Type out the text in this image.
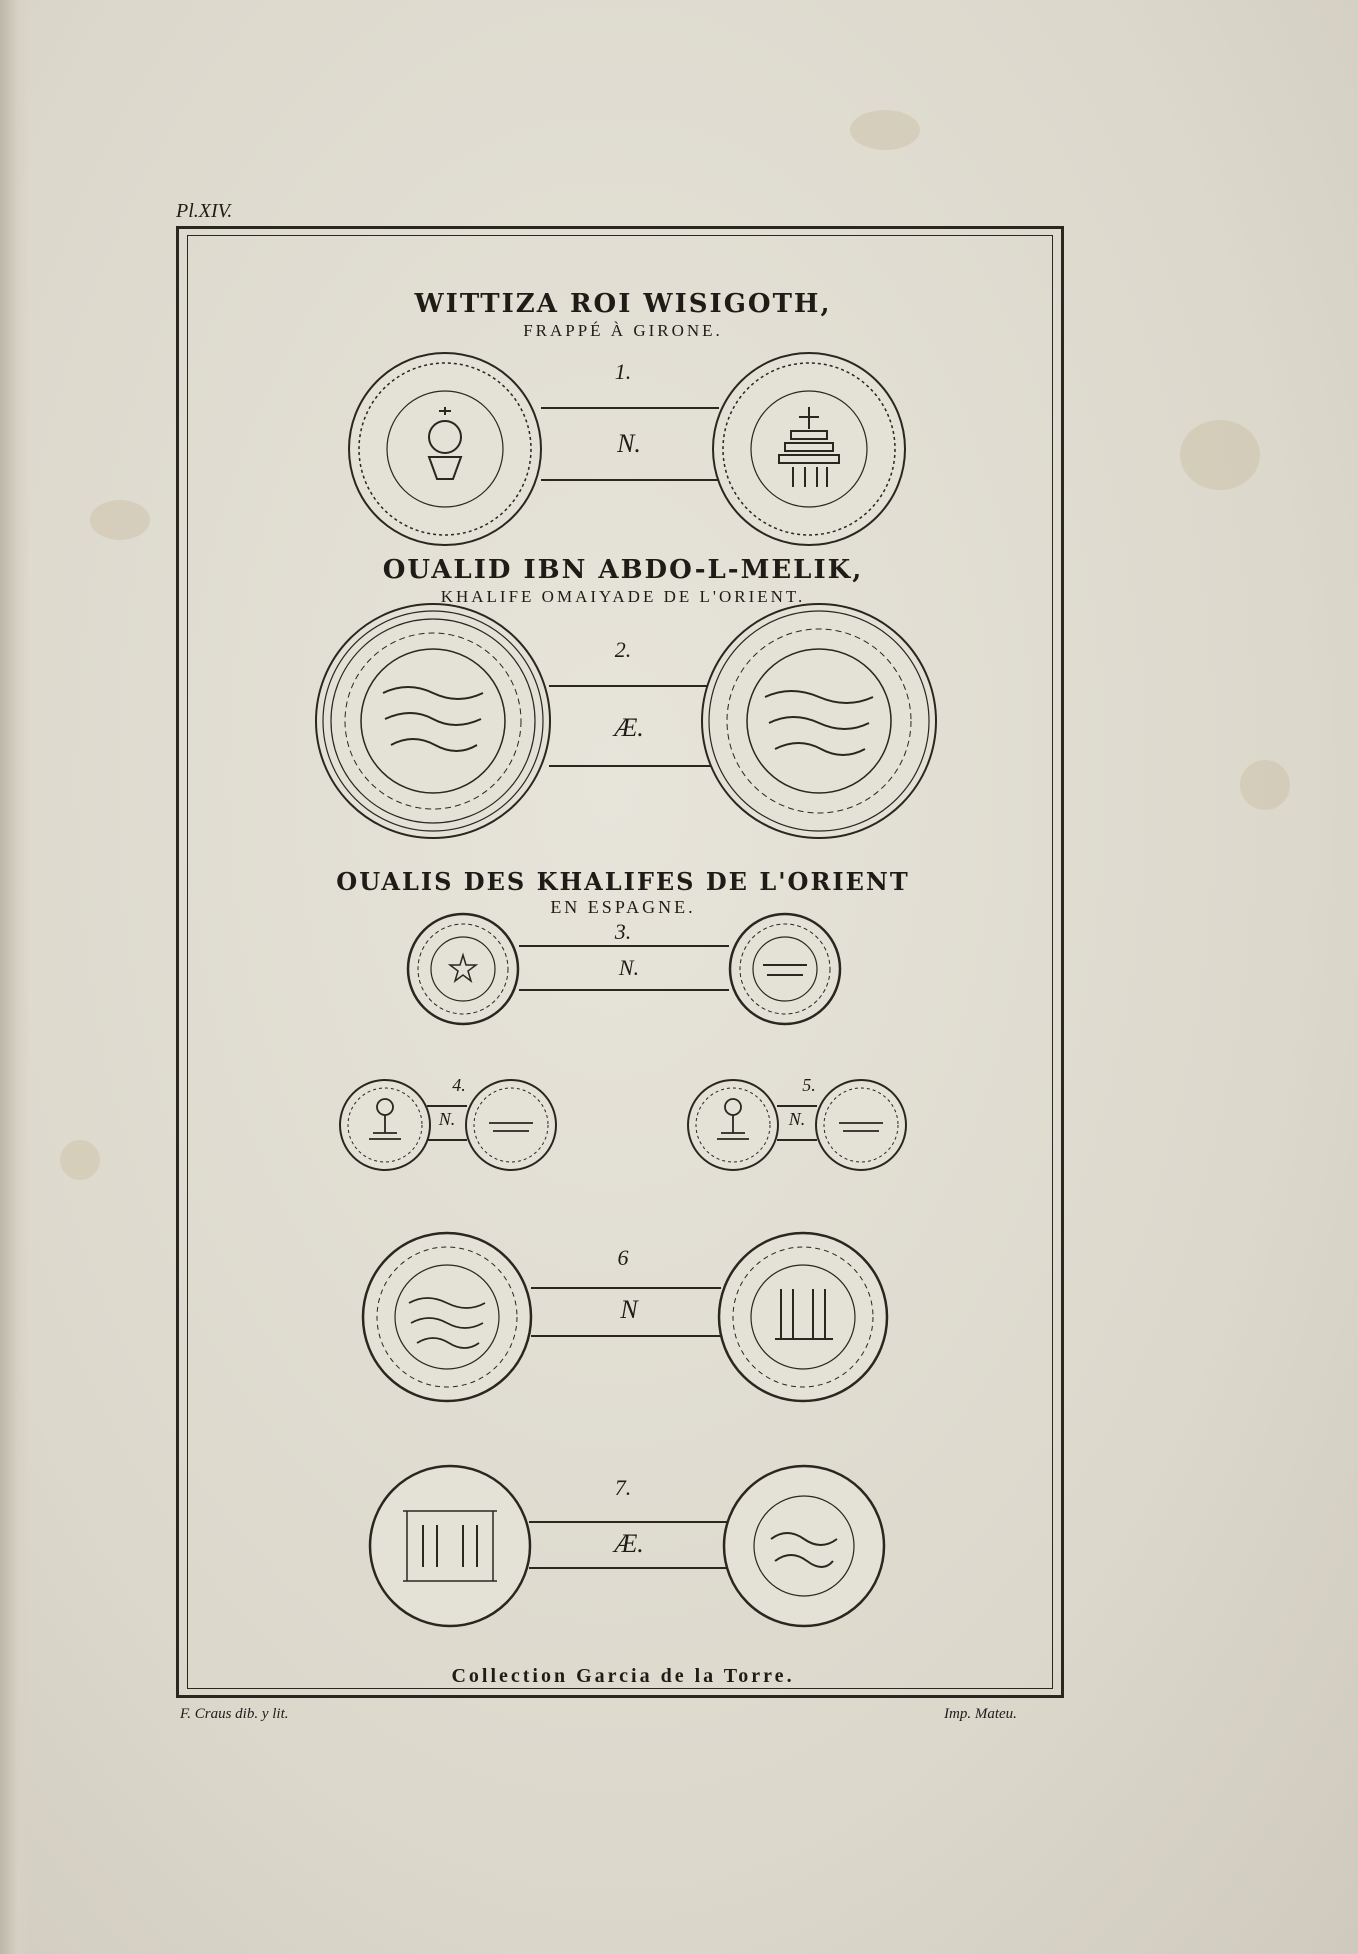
Pl.XIV.
WITTIZA ROI WISIGOTH,
FRAPPÉ À GIRONE.
1.
N.
OUALID IBN ABDO-L-MELIK,
KHALIFE OMAIYADE DE L'ORIENT.
2.
Æ.
OUALIS DES KHALIFES DE L'ORIENT
EN ESPAGNE.
3.
N.
4.
N.
5.
N.
6
N
7.
Æ.
Collection Garcia de la Torre.
F. Craus dib. y lit.	Imp. Mateu.
